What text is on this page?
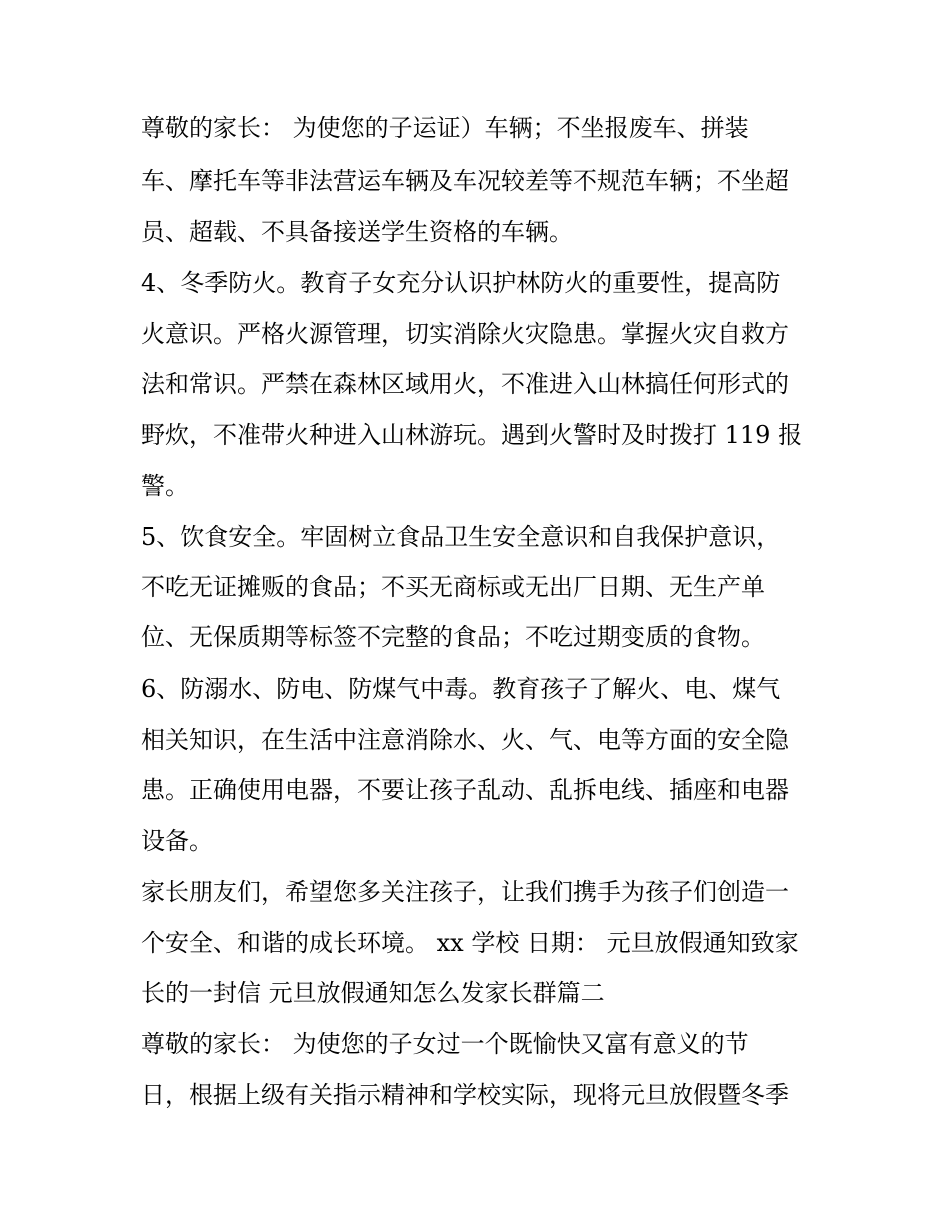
尊敬的家长： 为使您的子运证）车辆；不坐报废车、拼装
车、摩托车等非法营运车辆及车况较差等不规范车辆；不坐超
员、超载、不具备接送学生资格的车辆。
4、冬季防火。教育子女充分认识护林防火的重要性，提高防
火意识。严格火源管理，切实消除火灾隐患。掌握火灾自救方
法和常识。严禁在森林区域用火，不准进入山林搞任何形式的
野炊，不准带火种进入山林游玩。遇到火警时及时拨打 119 报
警。
5、饮食安全。牢固树立食品卫生安全意识和自我保护意识，
不吃无证摊贩的食品；不买无商标或无出厂日期、无生产单
位、无保质期等标签不完整的食品；不吃过期变质的食物。
6、防溺水、防电、防煤气中毒。教育孩子了解火、电、煤气
相关知识，在生活中注意消除水、火、气、电等方面的安全隐
患。正确使用电器，不要让孩子乱动、乱拆电线、插座和电器
设备。
家长朋友们，希望您多关注孩子，让我们携手为孩子们创造一
个安全、和谐的成长环境。 xx 学校 日期： 元旦放假通知致家
长的一封信 元旦放假通知怎么发家长群篇二
尊敬的家长： 为使您的子女过一个既愉快又富有意义的节
日，根据上级有关指示精神和学校实际，现将元旦放假暨冬季
